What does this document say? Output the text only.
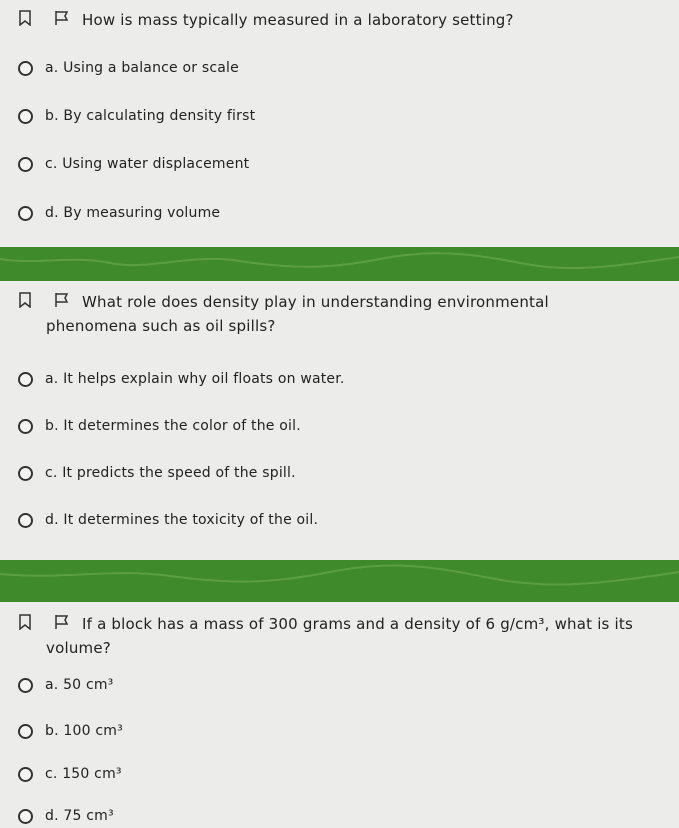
How is mass typically measured in a laboratory setting?
a. Using a balance or scale
b. By calculating density first
c. Using water displacement
d. By measuring volume
What role does density play in understanding environmental
phenomena such as oil spills?
a. It helps explain why oil floats on water.
b. It determines the color of the oil.
c. It predicts the speed of the spill.
d. It determines the toxicity of the oil.
If a block has a mass of 300 grams and a density of 6 g/cm³, what is its
volume?
a. 50 cm³
b. 100 cm³
c. 150 cm³
d. 75 cm³
